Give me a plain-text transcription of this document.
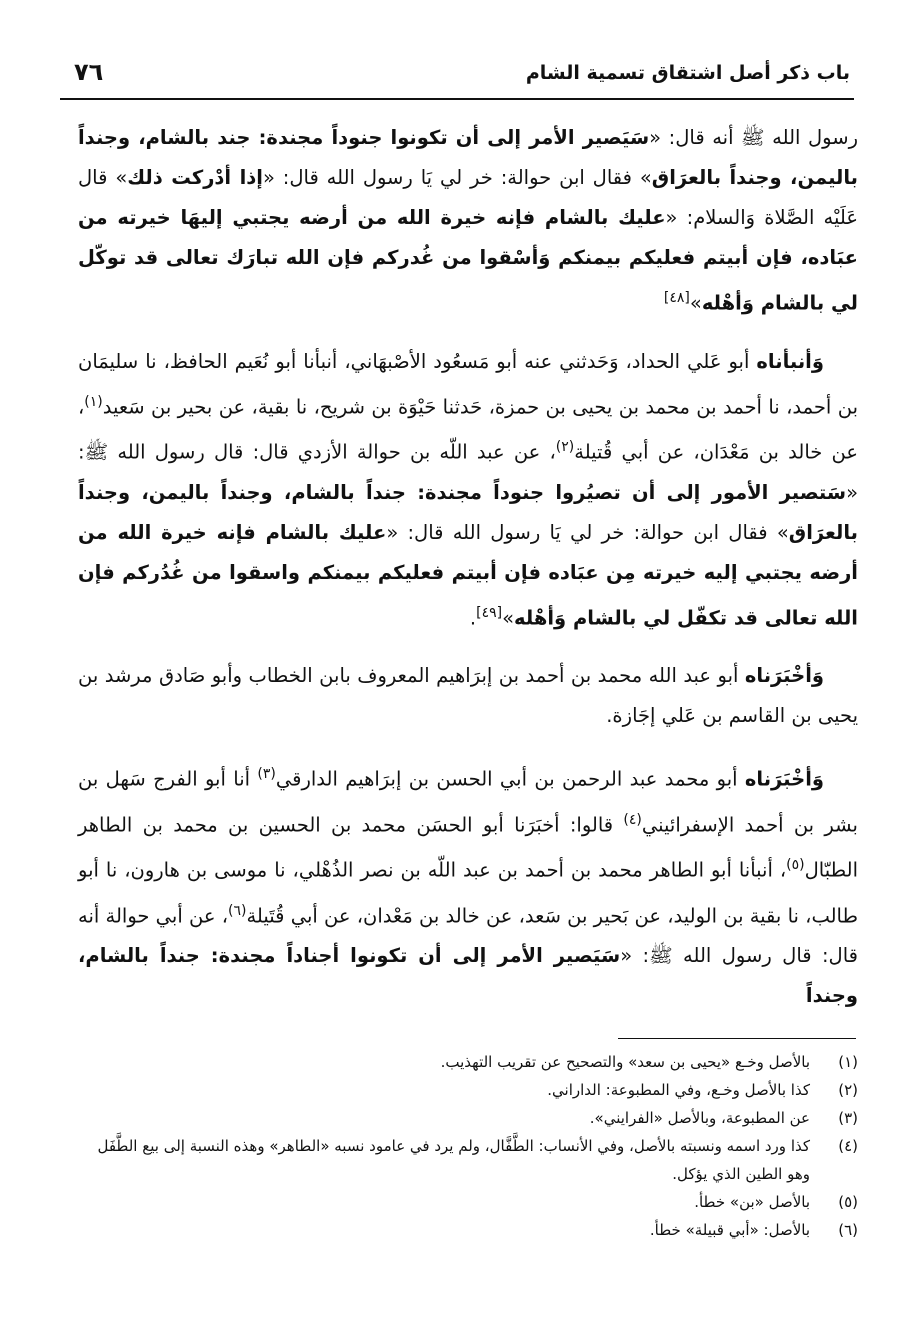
٧٦	باب ذكر أصل اشتقاق تسمية الشام

رسول الله ﷺ أنه قال: «سَيَصير الأمر إلى أن تكونوا جنوداً مجندة: جند بالشام، وجنداً باليمن، وجنداً بالعرَاق» فقال ابن حوالة: خر لي يَا رسول الله قال: «إذا أدْركت ذلك» قال عَلَيْه الصَّلاة وَالسلام: «عليك بالشام فإنه خيرة الله من أرضه يجتبي إليهَا خيرته من عبَاده، فإن أبيتم فعليكم بيمنكم وَأسْقوا من غُدركم فإن الله تبارَك تعالى قد توكّل لي بالشام وَأهْله»[٤٨]

وَأنبأناه أبو عَلي الحداد، وَحَدثني عنه أبو مَسعُود الأصْبهَاني، أنبأنا أبو نُعَيم الحافظ، نا سليمَان بن أحمد، نا أحمد بن محمد بن يحيى بن حمزة، حَدثنا حَيْوَة بن شريح، نا بقية، عن بحير بن سَعيد$^{(١)}$، عن خالد بن مَعْدَان، عن أبي قُتيلة$^{(٢)}$، عن عبد اللّه بن حوالة الأزدي قال: قال رسول الله ﷺ: «سَتصير الأمور إلى أن تصيُروا جنوداً مجندة: جنداً بالشام، وجنداً باليمن، وجنداً بالعرَاق» فقال ابن حوالة: خر لي يَا رسول الله قال: «عليك بالشام فإنه خيرة الله من أرضه يجتبي إليه خيرته مِن عبَاده فإن أبيتم فعليكم بيمنكم واسقوا من غُدُركم فإن الله تعالى قد تكفّل لي بالشام وَأهْله»[٤٩].

وَأخْبَرَناه أبو عبد الله محمد بن أحمد بن إبرَاهيم المعروف بابن الخطاب وأبو صَادق مرشد بن يحيى بن القاسم بن عَلي إجَازة.

وَأخْبَرَناه أبو محمد عبد الرحمن بن أبي الحسن بن إبرَاهيم الدارقي$^{(٣)}$ أنا أبو الفرج سَهل بن بشر بن أحمد الإسفرائيني$^{(٤)}$ قالوا: أخبَرَنا أبو الحسَن محمد بن الحسين بن محمد بن الطاهر الطبّال$^{(٥)}$، أنبأنا أبو الطاهر محمد بن أحمد بن عبد اللّه بن نصر الذُهْلي، نا موسى بن هارون، نا أبو طالب، نا بقية بن الوليد، عن بَحير بن سَعد، عن خالد بن مَعْدان، عن أبي قُتَيلة$^{(٦)}$، عن أبي حوالة أنه قال: قال رسول الله ﷺ: «سَيَصير الأمر إلى أن تكونوا أجناداً مجندة: جنداً بالشام، وجنداً

(١)
بالأصل وخـع «يحيى بن سعد» والتصحيح عن تقريب التهذيب.
(٢)
كذا بالأصل وخـع، وفي المطبوعة: الداراني.
(٣)
عن المطبوعة، وبالأصل «الفرايني».
(٤)
كذا ورد اسمه ونسبته بالأصل، وفي الأنساب: الطَّفَّال، ولم يرد في عامود نسبه «الطاهر» وهذه النسبة إلى بيع الطَّفَل وهو الطين الذي يؤكل.
(٥)
بالأصل «بن» خطأ.
(٦)
بالأصل: «أبي قبيلة» خطأ.
